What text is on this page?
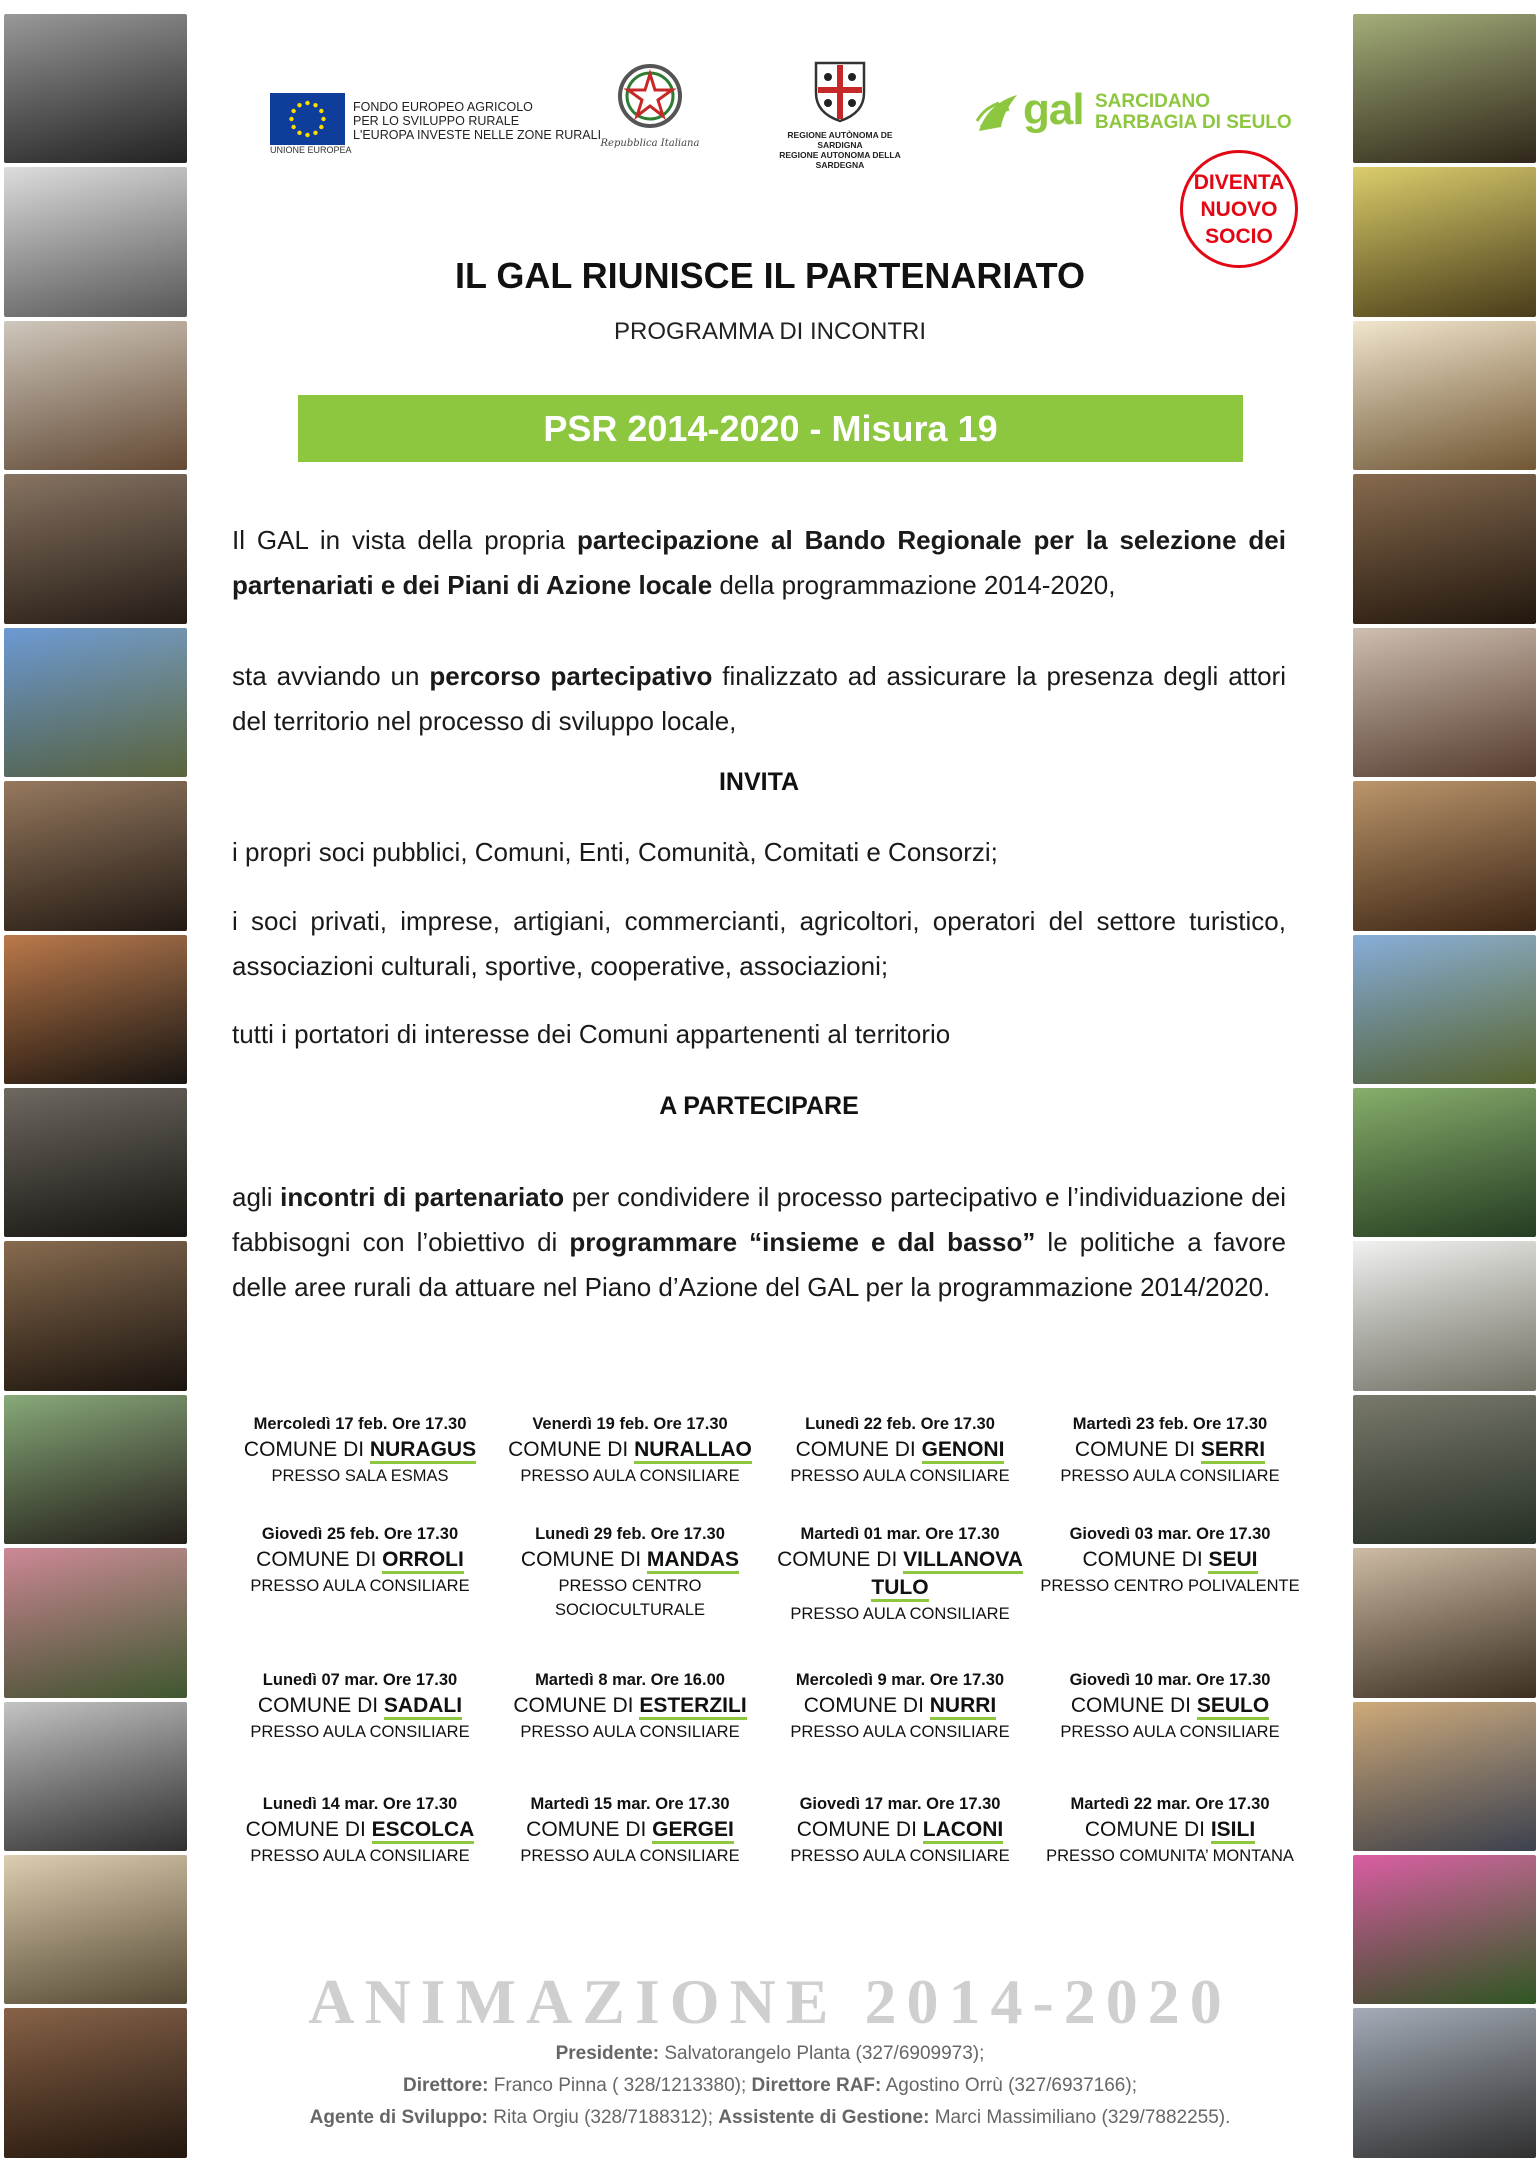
UNIONE EUROPEA
FONDO EUROPEO AGRICOLO
PER LO SVILUPPO RURALE
L'EUROPA INVESTE NELLE ZONE RURALI
Repubblica Italiana
REGIONE AUTÒNOMA DE SARDIGNA
REGIONE AUTONOMA DELLA SARDEGNA
gal SARCIDANO
BARBAGIA DI SEULO
DIVENTA
NUOVO
SOCIO
IL GAL RIUNISCE IL PARTENARIATO
PROGRAMMA DI INCONTRI
PSR 2014-2020 - Misura 19
Il GAL in vista della propria partecipazione al Bando Regionale per la selezione dei partenariati e dei Piani di Azione locale della programmazione 2014-2020,
sta avviando un percorso partecipativo finalizzato ad assicurare la presenza degli attori del territorio nel processo di sviluppo locale,
INVITA
i propri soci pubblici, Comuni, Enti, Comunità, Comitati e Consorzi;
i soci privati, imprese, artigiani, commercianti, agricoltori, operatori del settore turistico, associazioni culturali, sportive, cooperative, associazioni;
tutti i portatori di interesse dei Comuni appartenenti al territorio
A PARTECIPARE
agli incontri di partenariato per condividere il processo partecipativo e l’individuazione dei fabbisogni con l’obiettivo di programmare “insieme e dal basso” le politiche a favore delle aree rurali da attuare nel Piano d’Azione del GAL per la programmazione 2014/2020.
Mercoledì 17 feb. Ore 17.30
COMUNE DI NURAGUS
PRESSO SALA ESMAS
Venerdì 19 feb. Ore 17.30
COMUNE DI NURALLAO
PRESSO AULA CONSILIARE
Lunedì 22 feb. Ore 17.30
COMUNE DI GENONI
PRESSO AULA CONSILIARE
Martedì 23 feb. Ore 17.30
COMUNE DI SERRI
PRESSO AULA CONSILIARE
Giovedì 25 feb. Ore 17.30
COMUNE DI ORROLI
PRESSO AULA CONSILIARE
Lunedì 29 feb. Ore 17.30
COMUNE DI MANDAS
PRESSO CENTRO SOCIOCULTURALE
Martedì 01 mar. Ore 17.30
COMUNE DI VILLANOVA TULO
PRESSO AULA CONSILIARE
Giovedì 03 mar. Ore 17.30
COMUNE DI SEUI
PRESSO CENTRO POLIVALENTE
Lunedì 07 mar. Ore 17.30
COMUNE DI SADALI
PRESSO AULA CONSILIARE
Martedì 8 mar. Ore 16.00
COMUNE DI ESTERZILI
PRESSO AULA CONSILIARE
Mercoledì 9 mar. Ore 17.30
COMUNE DI NURRI
PRESSO AULA CONSILIARE
Giovedì 10 mar. Ore 17.30
COMUNE DI SEULO
PRESSO AULA CONSILIARE
Lunedì 14 mar. Ore 17.30
COMUNE DI ESCOLCA
PRESSO AULA CONSILIARE
Martedì 15 mar. Ore 17.30
COMUNE DI GERGEI
PRESSO AULA CONSILIARE
Giovedì 17 mar. Ore 17.30
COMUNE DI LACONI
PRESSO AULA CONSILIARE
Martedì 22 mar. Ore 17.30
COMUNE DI ISILI
PRESSO COMUNITA’ MONTANA
ANIMAZIONE 2014-2020
Presidente: Salvatorangelo Planta (327/6909973);
Direttore: Franco Pinna ( 328/1213380); Direttore RAF: Agostino Orrù (327/6937166);
Agente di Sviluppo: Rita Orgiu (328/7188312); Assistente di Gestione: Marci Massimiliano (329/7882255).
